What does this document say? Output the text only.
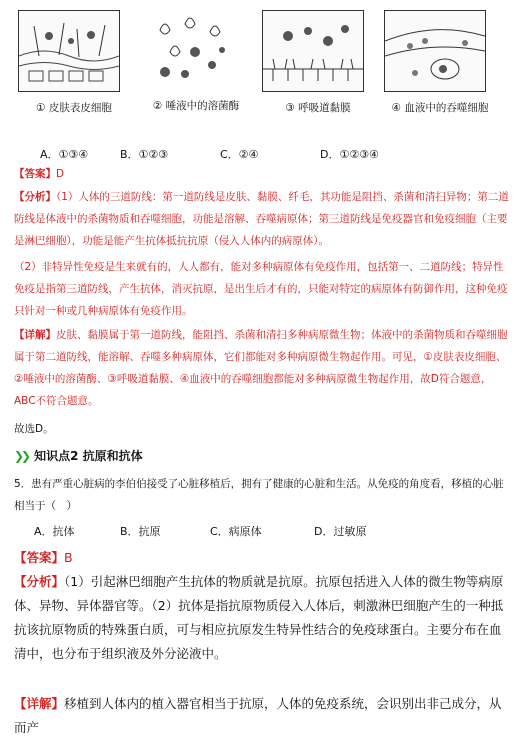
① 皮肤表皮细胞	② 唾液中的溶菌酶	③ 呼吸道黏膜	④ 血液中的吞噬细胞
A．①③④	B．①②③	C．②④	D．①②③④
【答案】D
【分析】（1）人体的三道防线：第一道防线是皮肤、黏膜、纤毛，其功能是阻挡、杀菌和清扫异物；第二道防线是体液中的杀菌物质和吞噬细胞，功能是溶解、吞噬病原体；第三道防线是免疫器官和免疫细胞（主要是淋巴细胞），功能是能产生抗体抵抗抗原（侵入人体内的病原体）。
（2）非特异性免疫是生来就有的，人人都有，能对多种病原体有免疫作用，包括第一、二道防线；特异性免疫是指第三道防线，产生抗体，消灭抗原，是出生后才有的，只能对特定的病原体有防御作用，这种免疫只针对一种或几种病原体有免疫作用。
【详解】皮肤、黏膜属于第一道防线，能阻挡、杀菌和清扫多种病原微生物；体液中的杀菌物质和吞噬细胞属于第二道防线，能溶解、吞噬多种病原体，它们都能对多种病原微生物起作用。可见，①皮肤表皮细胞、②唾液中的溶菌酶、③呼吸道黏膜、④血液中的吞噬细胞都能对多种病原微生物起作用，故D符合题意，ABC不符合题意。
故选D。
❯❯ 知识点2 抗原和抗体
5．患有严重心脏病的李伯伯接受了心脏移植后，拥有了健康的心脏和生活。从免疫的角度看，移植的心脏相当于（　）
A．抗体	B．抗原	C．病原体	D．过敏原
【答案】B
【分析】（1）引起淋巴细胞产生抗体的物质就是抗原。抗原包括进入人体的微生物等病原体、异物、异体器官等。（2）抗体是指抗原物质侵入人体后，刺激淋巴细胞产生的一种抵抗该抗原物质的特殊蛋白质，可与相应抗原发生特异性结合的免疫球蛋白。主要分布在血清中，也分布于组织液及外分泌液中。
【详解】移植到人体内的植入器官相当于抗原，人体的免疫系统，会识别出非己成分，从而产
